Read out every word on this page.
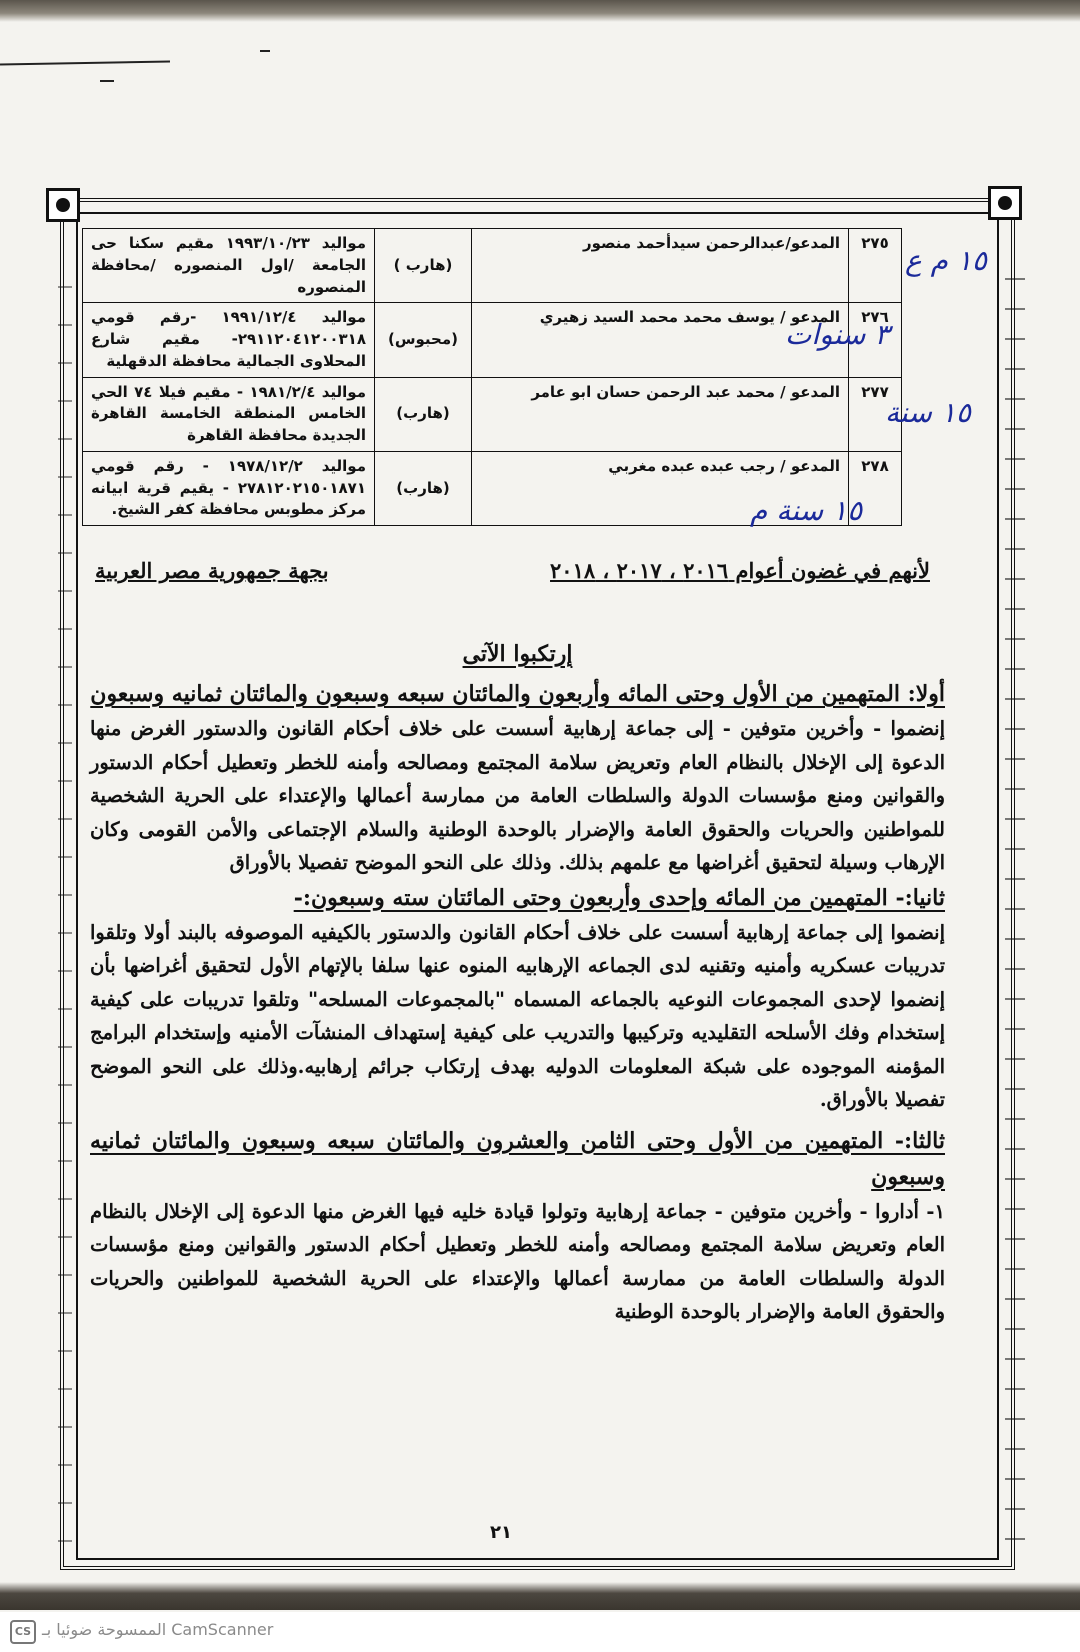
٢٧٥	المدعو/عبدالرحمن سيدأحمد منصور	(هارب )	مواليد ١٩٩٣/١٠/٢٣ مقيم سكنا حى الجامعة /اول المنصوره /محافظة المنصوره
٢٧٦	المدعو / يوسف محمد محمد السيد زهيري	(محبوس)	مواليد ١٩٩١/١٢/٤ -رقم قومي ٢٩١١٢٠٤١٢٠٠٣١٨- مقيم شارع المحلاوى الجمالية محافظة الدقهلية
٢٧٧	المدعو / محمد عبد الرحمن حسان ابو عامر	(هارب)	مواليد ١٩٨١/٢/٤ - مقيم فيلا ٧٤ الحي الخامس المنطقة الخامسة القاهرة الجديدة محافظة القاهرة
٢٧٨	المدعو / رجب عبده عبده مغربي	(هارب)	مواليد ١٩٧٨/١٢/٢ - رقم قومي ٢٧٨١٢٠٢١٥٠١٨٧١ - يقيم قرية ابيانه مركز مطوبس محافظة كفر الشيخ.
١٥ م ع
٣ سنوات
١٥ سنة
١٥ سنة م
لأنهم في غضون أعوام ٢٠١٦ ، ٢٠١٧ ، ٢٠١٨
بجهة جمهورية مصر العربية

إرتكبوا الآتى

أولا: المتهمين من الأول وحتى المائه وأربعون والمائتان سبعه وسبعون والمائتان ثمانيه وسبعون

إنضموا - وأخرين متوفين - إلى جماعة إرهابية أسست على خلاف أحكام القانون والدستور الغرض منها الدعوة إلى الإخلال بالنظام العام وتعريض سلامة المجتمع ومصالحه وأمنه للخطر وتعطيل أحكام الدستور والقوانين ومنع مؤسسات الدولة والسلطات العامة من ممارسة أعمالها والإعتداء على الحرية الشخصية للمواطنين والحريات والحقوق العامة والإضرار بالوحدة الوطنية والسلام الإجتماعى والأمن القومى وكان الإرهاب وسيلة لتحقيق أغراضها مع علمهم بذلك. وذلك على النحو الموضح تفصيلا بالأوراق

ثانيا:- المتهمين من المائه وإحدى وأربعون وحتى المائتان سته وسبعون:-

إنضموا إلى جماعة إرهابية أسست على خلاف أحكام القانون والدستور بالكيفيه الموصوفه بالبند أولا وتلقوا تدريبات عسكريه وأمنيه وتقنيه لدى الجماعه الإرهابيه المنوه عنها سلفا بالإتهام الأول لتحقيق أغراضها بأن إنضموا لإحدى المجموعات النوعيه بالجماعه المسماه "بالمجموعات المسلحه" وتلقوا تدريبات على كيفية إستخدام وفك الأسلحه التقليديه وتركيبها والتدريب على كيفية إستهداف المنشآت الأمنيه وإستخدام البرامج المؤمنه الموجوده على شبكة المعلومات الدوليه بهدف إرتكاب جرائم إرهابيه.وذلك على النحو الموضح تفصيلا بالأوراق.

ثالثا:- المتهمين من الأول وحتى الثامن والعشرون والمائتان سبعه وسبعون والمائتان ثمانيه وسبعون

١- أداروا - وأخرين متوفين - جماعة إرهابية وتولوا قيادة خليه فيها الغرض منها الدعوة إلى الإخلال بالنظام العام وتعريض سلامة المجتمع ومصالحه وأمنه للخطر وتعطيل أحكام الدستور والقوانين ومنع مؤسسات الدولة والسلطات العامة من ممارسة أعمالها والإعتداء على الحرية الشخصية للمواطنين والحريات والحقوق العامة والإضرار بالوحدة الوطنية

٢١
CS الممسوحة ضوئيا بـ CamScanner
